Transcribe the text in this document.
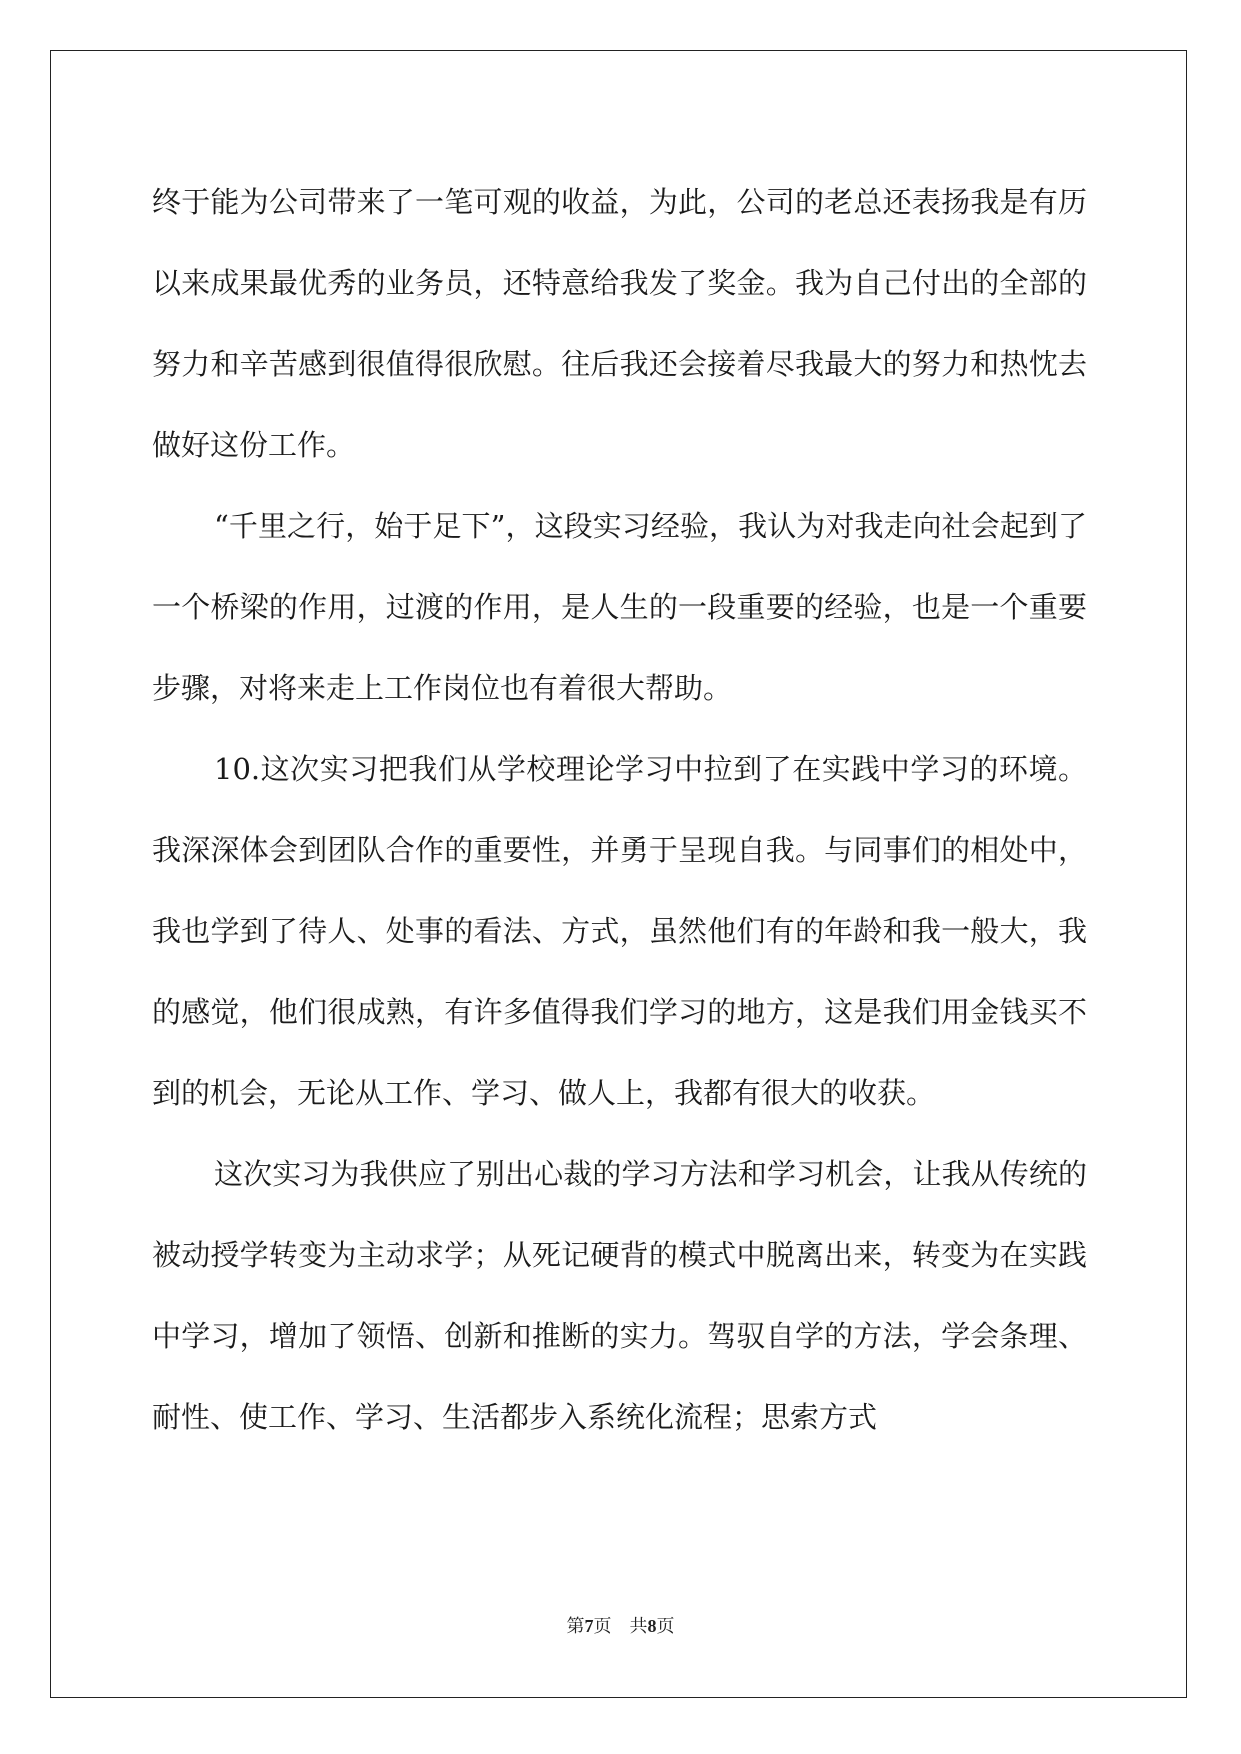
终于能为公司带来了一笔可观的收益，为此，公司的老总还表扬我是有历以来成果最优秀的业务员，还特意给我发了奖金。我为自己付出的全部的努力和辛苦感到很值得很欣慰。往后我还会接着尽我最大的努力和热忱去做好这份工作。

“千里之行，始于足下”，这段实习经验，我认为对我走向社会起到了一个桥梁的作用，过渡的作用，是人生的一段重要的经验，也是一个重要步骤，对将来走上工作岗位也有着很大帮助。

10.这次实习把我们从学校理论学习中拉到了在实践中学习的环境。我深深体会到团队合作的重要性，并勇于呈现自我。与同事们的相处中，我也学到了待人、处事的看法、方式，虽然他们有的年龄和我一般大，我的感觉，他们很成熟，有许多值得我们学习的地方，这是我们用金钱买不到的机会，无论从工作、学习、做人上，我都有很大的收获。

这次实习为我供应了别出心裁的学习方法和学习机会，让我从传统的被动授学转变为主动求学；从死记硬背的模式中脱离出来，转变为在实践中学习，增加了领悟、创新和推断的实力。驾驭自学的方法，学会条理、耐性、使工作、学习、生活都步入系统化流程；思索方式

第7页　共8页
